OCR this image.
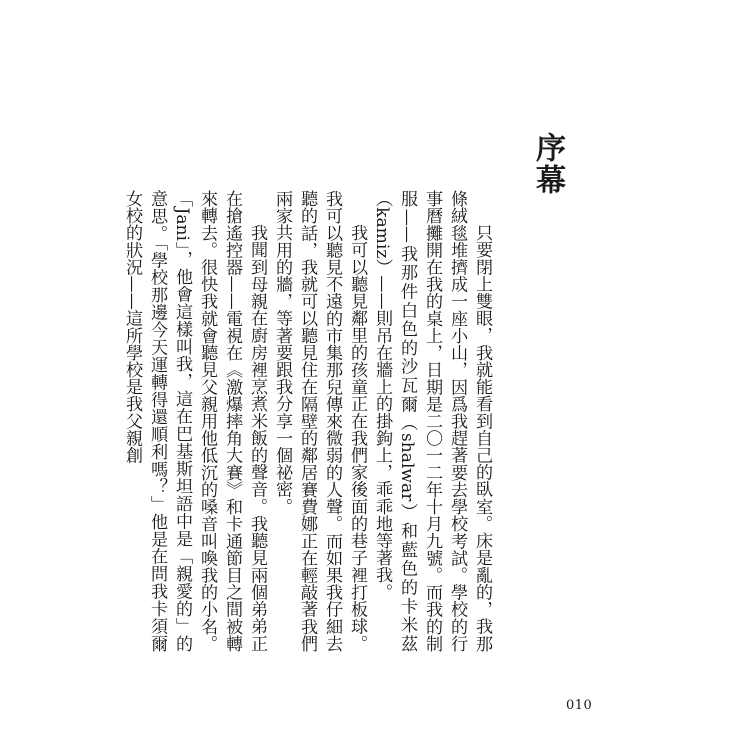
序幕

只要閉上雙眼，我就能看到自己的臥室。床是亂的，我那條絨毯堆擠成一座小山，因爲我趕著要去學校考試。學校的行事曆攤開在我的桌上，日期是二〇一二年十月九號。而我的制服——我那件白色的沙瓦爾（shalwar）和藍色的卡米茲（kamiz）——則吊在牆上的掛鉤上，乖乖地等著我。

我可以聽見鄰里的孩童正在我們家後面的巷子裡打板球。我可以聽見不遠的市集那兒傳來微弱的人聲。而如果我仔細去聽的話，我就可以聽見住在隔壁的鄰居賽費娜正在輕敲著我們兩家共用的牆，等著要跟我分享一個祕密。

我聞到母親在廚房裡烹煮米飯的聲音。我聽見兩個弟弟正在搶遙控器——電視在《激爆摔角大賽》和卡通節目之間被轉來轉去。很快我就會聽見父親用他低沉的嗓音叫喚我的小名。「Jani」，他會這樣叫我，這在巴基斯坦語中是「親愛的」的意思。「學校那邊今天運轉得還順利嗎？」他是在問我卡須爾女校的狀況——這所學校是我父親創

010
